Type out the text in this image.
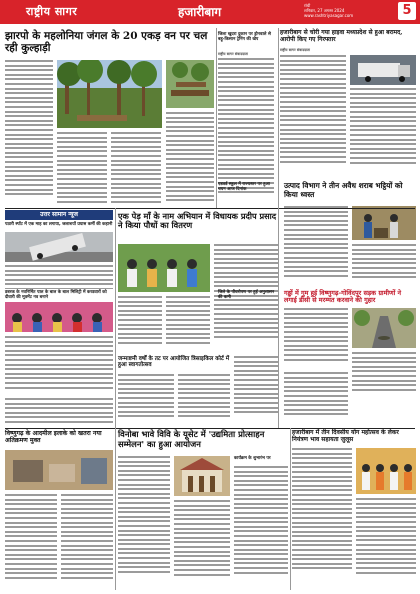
राष्ट्रीय सागर	हजारीबाग	रांची
शनिवार, 27 अगस्त 2024
www.rashtriyasagar.com	5
झारपो के महलोनिया जंगल के 20 एकड़ वन पर चल रही कुल्हाड़ी
उत्तर सामान न्यूज
पठारी स्पॉट में एक माह का लगाया, जलाशयों प्रयास कर्मी की कहानी
डबरक के नवनिर्मित पाल के बाल के बाल मिलिट्री में करडवारों को दीवारी की मूवमेंट नव बनाने
जिला खुदरा दुकान पर ड्रोनवाले से बहू-किसान ट्रेनिंग की खेप
राष्ट्रीय सागर संवाददाता
हजारीबाग से चोरी गया हाइवा मध्यप्रदेश से हुआ बरामद, आरोपी किए गए गिरफ्तार
राष्ट्रीय सागर संवाददाता
एक पेड़ माँ के नाम अभियान में विधायक प्रदीप प्रसाद ने किया पौधों का वितरण
उत्पाद विभाग ने तीन अवैध शराब भट्ठियों को किया ध्वस्त
एडवर्ड स्कूल में राज्यस्तर पर हुआ चयन आज दिनांक
गड्ढों में गुम हुई विष्णुगढ़-गोविंदपुर सड़क ग्रामीणों ने लगाई डीसी से मरम्मत करवाने की गुहार
जिले के पौधरोपण पर हुई अनुशासन की कमी
जन्माष्टमी वर्षों के तट पर आयोजित त्रिसाइकिल कोर्ट में हुआ स्वागतोत्सव
विष्णुगढ़ के आदमील इलाके को खतरा नया अतिक्रमण मुक्त
विनोबा भावे विवि के यूसेट में 'उद्यमिता प्रोत्साहन सम्मेलन' का हुआ आयोजन
हजारीबाग में तीन दिवसीय योग महोत्सव के लेकर नियंत्रण भाव सहायता जुलूस
कार्यक्रम के शुभारंभ पर
